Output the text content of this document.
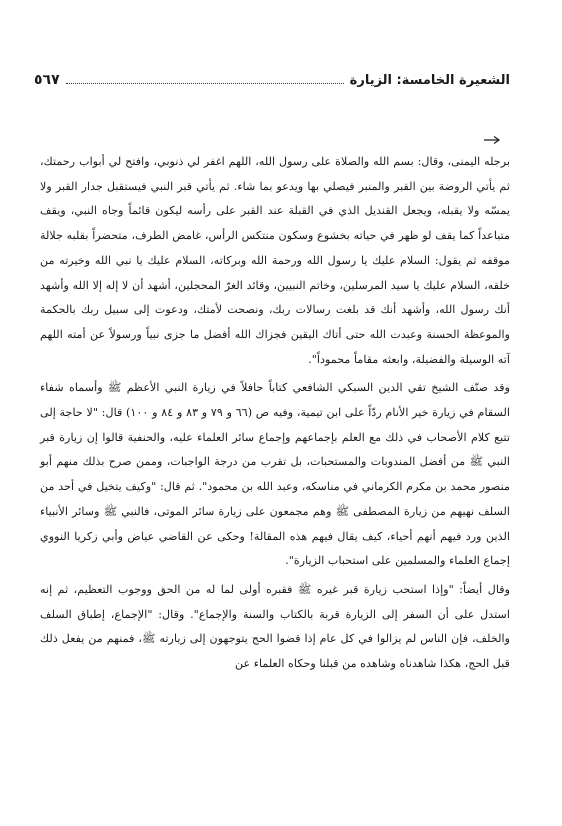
الشعيرة الخامسة: الزيارة
٥٦٧

برجله اليمنى، وقال: بسم الله والصلاة على رسول الله، اللهم اغفر لي ذنوبي، وافتح لي أبواب رحمتك، ثم يأتي الروضة بين القبر والمنبر فيصلي بها ويدعو بما شاء. ثم يأتي قبر النبي فيستقبل جدار القبر ولا يمسّه ولا يقبله، ويجعل القنديل الذي في القبلة عند القبر على رأسه ليكون قائماً وجاه النبي، ويقف متباعداً كما يقف لو ظهر في حياته بخشوع وسكون منتكس الرأس، غامض الطرف، متحضراً بقلبه جلالة موقفه ثم يقول: السلام عليك يا رسول الله ورحمة الله وبركاته، السلام عليك يا نبي الله وخيرته من خلقه، السلام عليك يا سيد المرسلين، وخاتم النبيين، وقائد الغرّ المحجلين، أشهد أن لا إله إلا الله وأشهد أنك رسول الله، وأشهد أنك قد بلغت رسالات ربك، ونصحت لأمتك، ودعوت إلى سبيل ربك بالحكمة والموعظة الحسنة وعبدت الله حتى أتاك اليقين فجزاك الله أفضل ما جزى نبياً ورسولاً عن أمته اللهم آته الوسيلة والفضيلة، وابعثه مقاماً محموداً".

وقد صنّف الشيخ تقي الدين السبكي الشافعي كتاباً حافلاً في زيارة النبي الأعظم ﷺ وأسماه شفاء السقام في زيارة خير الأنام ردّاً على ابن تيمية، وفيه ص (٦٦ و ٧٩ و ٨٣ و ٨٤ و ١٠٠) قال: "لا حاجة إلى تتبع كلام الأصحاب في ذلك مع العلم بإجماعهم وإجماع سائر العلماء عليه، والحنفية قالوا إن زيارة قبر النبي ﷺ من أفضل المندوبات والمستحبات، بل تقرب من درجة الواجبات، وممن صرح بذلك منهم أبو منصور محمد بن مكرم الكرماني في مناسكه، وعبد الله بن محمود". ثم قال: "وكيف يتخيل في أحد من السلف نهيهم من زيارة المصطفى ﷺ وهم مجمعون على زيارة سائر الموتى، فالنبي ﷺ وسائر الأنبياء الذين ورد فيهم أنهم أحياء، كيف يقال فيهم هذه المقالة! وحكى عن القاضي عياض وأبي زكريا النووي إجماع العلماء والمسلمين على استحباب الزيارة".

وقال أيضاً: "وإذا استحب زيارة قبر غيره ﷺ فقبره أولى لما له من الحق ووجوب التعظيم، ثم إنه استدل على أن السفر إلى الزيارة قربة بالكتاب والسنة والإجماع". وقال: "الإجماع، إطباق السلف والخلف، فإن الناس لم يزالوا في كل عام إذا قضوا الحج يتوجهون إلى زيارته ﷺ، فمنهم من يفعل ذلك قبل الحج، هكذا شاهدناه وشاهده من قبلنا وحكاه العلماء عن
